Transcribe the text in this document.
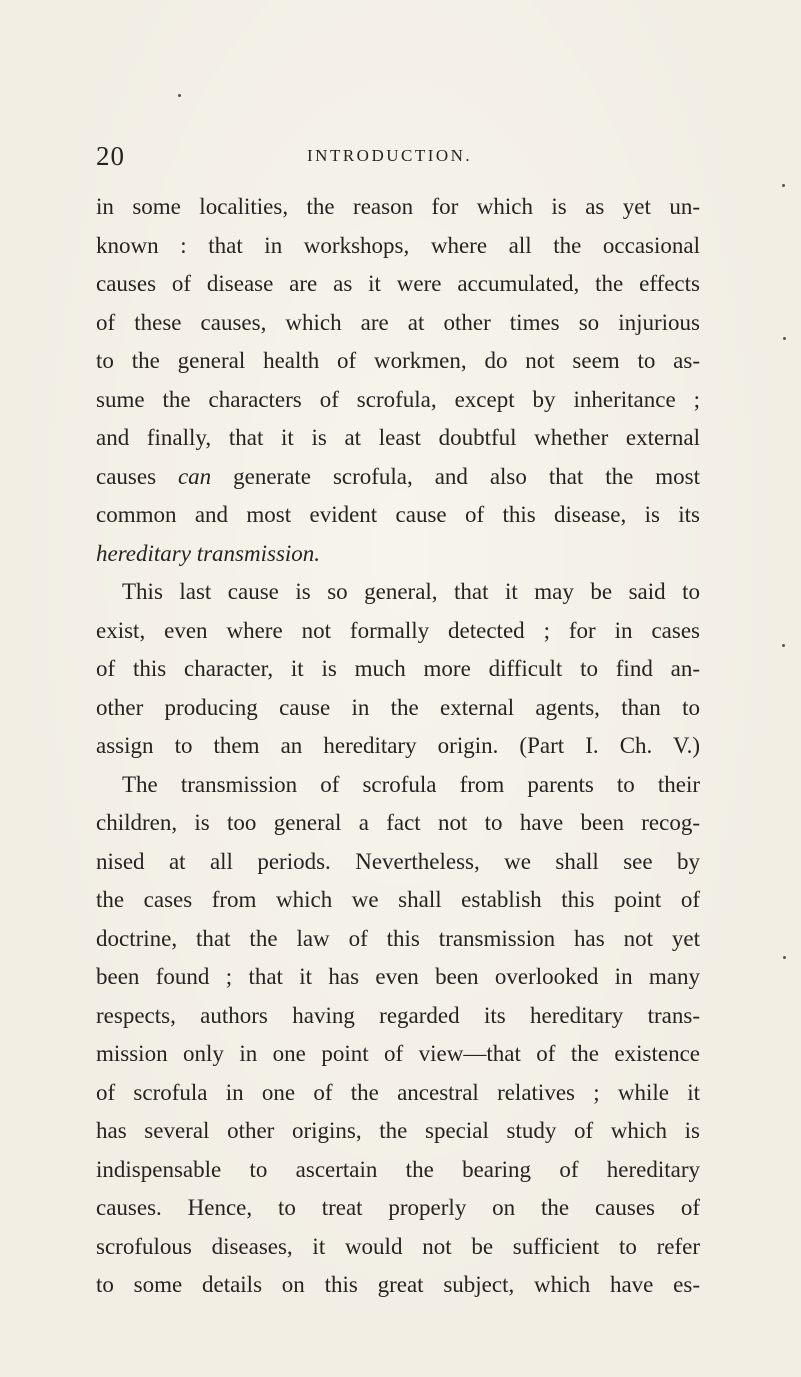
20	INTRODUCTION.
in some localities, the reason for which is as yet un-
known : that in workshops, where all the occasional
causes of disease are as it were accumulated, the effects
of these causes, which are at other times so injurious
to the general health of workmen, do not seem to as-
sume the characters of scrofula, except by inheritance ;
and finally, that it is at least doubtful whether external
causes can generate scrofula, and also that the most
common and most evident cause of this disease, is its
hereditary transmission.
This last cause is so general, that it may be said to
exist, even where not formally detected ; for in cases
of this character, it is much more difficult to find an-
other producing cause in the external agents, than to
assign to them an hereditary origin. (Part I. Ch. V.)
The transmission of scrofula from parents to their
children, is too general a fact not to have been recog-
nised at all periods. Nevertheless, we shall see by
the cases from which we shall establish this point of
doctrine, that the law of this transmission has not yet
been found ; that it has even been overlooked in many
respects, authors having regarded its hereditary trans-
mission only in one point of view—that of the existence
of scrofula in one of the ancestral relatives ; while it
has several other origins, the special study of which is
indispensable to ascertain the bearing of hereditary
causes. Hence, to treat properly on the causes of
scrofulous diseases, it would not be sufficient to refer
to some details on this great subject, which have es-
